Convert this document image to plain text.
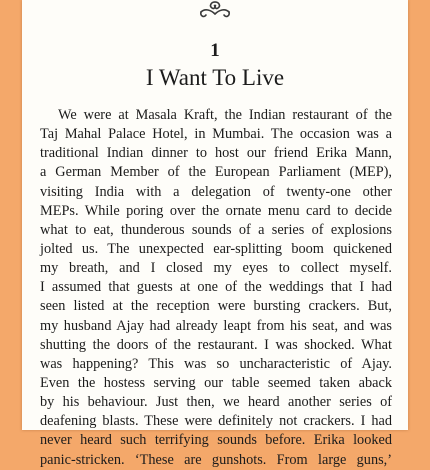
1
I Want To Live
We were at Masala Kraft, the Indian restaurant of the
Taj Mahal Palace Hotel, in Mumbai. The occasion was a
traditional Indian dinner to host our friend Erika Mann,
a German Member of the European Parliament (MEP),
visiting India with a delegation of twenty-one other
MEPs. While poring over the ornate menu card to decide
what to eat, thunderous sounds of a series of explosions
jolted us. The unexpected ear-splitting boom quickened
my breath, and I closed my eyes to collect myself.
I assumed that guests at one of the weddings that I had
seen listed at the reception were bursting crackers. But,
my husband Ajay had already leapt from his seat, and was
shutting the doors of the restaurant. I was shocked. What
was happening? This was so uncharacteristic of Ajay.
Even the hostess serving our table seemed taken aback
by his behaviour. Just then, we heard another series of
deafening blasts. These were definitely not crackers. I had
never heard such terrifying sounds before. Erika looked
panic-stricken. ‘These are gunshots. From large guns,’
